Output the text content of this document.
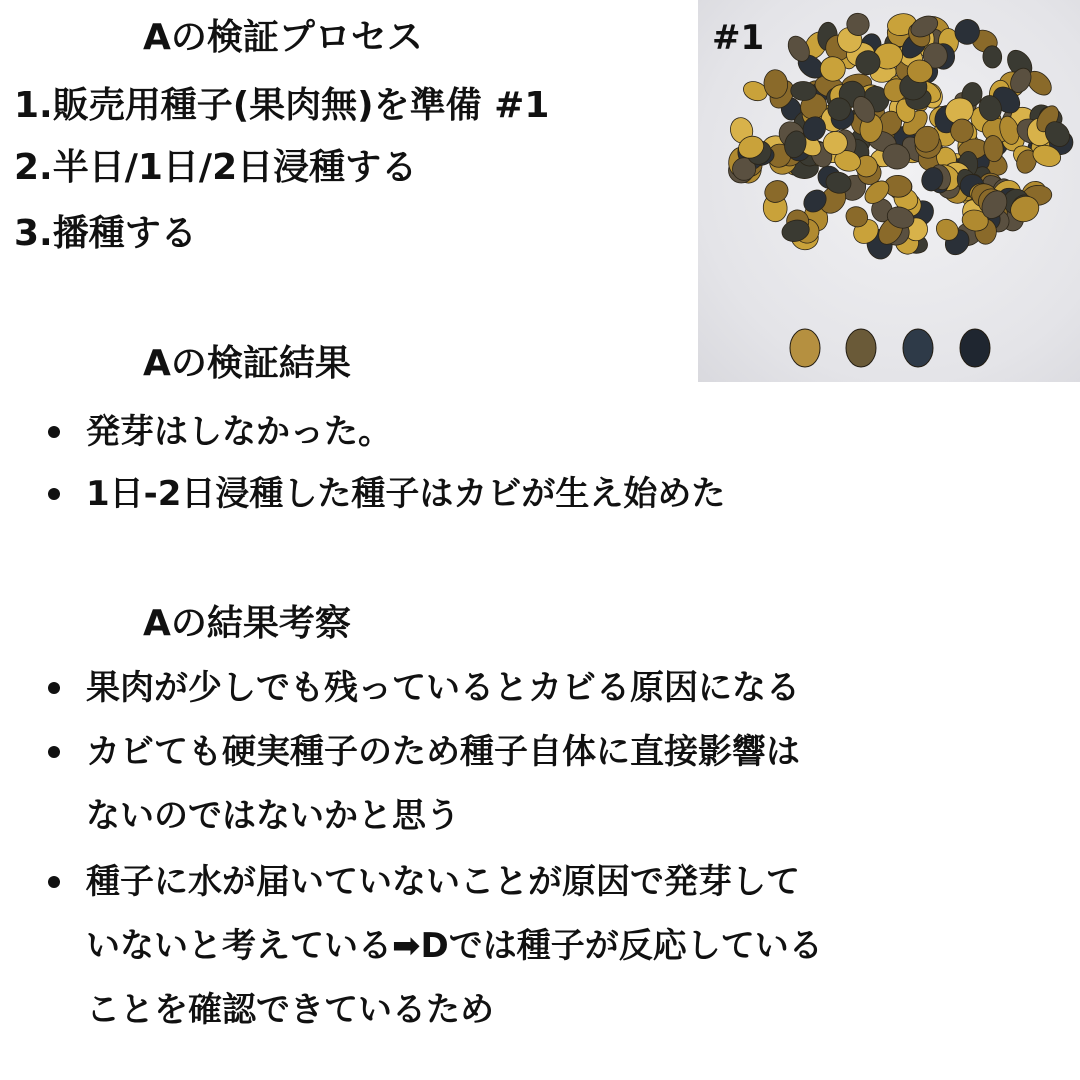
#1
Aの検証プロセス
1.販売用種子(果肉無)を準備 #1
2.半日/1日/2日浸種する
3.播種する
Aの検証結果
発芽はしなかった。
1日-2日浸種した種子はカビが生え始めた
Aの結果考察
果肉が少しでも残っているとカビる原因になる
カビても硬実種子のため種子自体に直接影響は
ないのではないかと思う
種子に水が届いていないことが原因で発芽して
いないと考えている➡Dでは種子が反応している
ことを確認できているため
